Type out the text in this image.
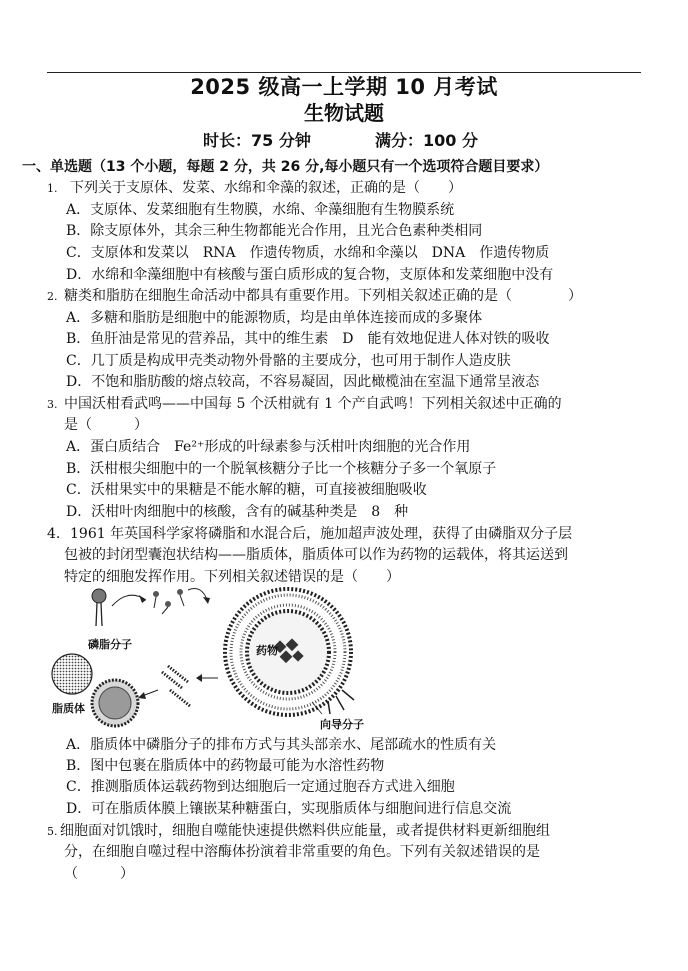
2025 级高一上学期 10 月考试
生物试题
时长：75 分钟	满分：100 分
一、单选题（13 个小题，每题 2 分，共 26 分,每小题只有一个选项符合题目要求）
1. 下列关于支原体、发菜、水绵和伞藻的叙述，正确的是（　　）
A．支原体、发菜细胞有生物膜，水绵、伞藻细胞有生物膜系统
B．除支原体外，其余三种生物都能光合作用，且光合色素种类相同
C．支原体和发菜以　RNA　作遗传物质，水绵和伞藻以　DNA　作遗传物质
D．水绵和伞藻细胞中有核酸与蛋白质形成的复合物，支原体和发菜细胞中没有
2. 糖类和脂肪在细胞生命活动中都具有重要作用。下列相关叙述正确的是（　　　　）
A．多糖和脂肪是细胞中的能源物质，均是由单体连接而成的多聚体
B．鱼肝油是常见的营养品，其中的维生素　D　能有效地促进人体对铁的吸收
C．几丁质是构成甲壳类动物外骨骼的主要成分，也可用于制作人造皮肤
D．不饱和脂肪酸的熔点较高，不容易凝固，因此橄榄油在室温下通常呈液态
3. 中国沃柑看武鸣——中国每 5 个沃柑就有 1 个产自武鸣！下列相关叙述中正确的
是（　　　）
A．蛋白质结合　Fe²⁺形成的叶绿素参与沃柑叶肉细胞的光合作用
B．沃柑根尖细胞中的一个脱氧核糖分子比一个核糖分子多一个氧原子
C．沃柑果实中的果糖是不能水解的糖，可直接被细胞吸收
D．沃柑叶肉细胞中的核酸，含有的碱基种类是　8　种
4. 1961 年英国科学家将磷脂和水混合后，施加超声波处理，获得了由磷脂双分子层
包被的封闭型囊泡状结构——脂质体，脂质体可以作为药物的运载体，将其运送到
特定的细胞发挥作用。下列相关叙述错误的是（　　）
磷脂分子	药物
脂质体
向导分子
A．脂质体中磷脂分子的排布方式与其头部亲水、尾部疏水的性质有关
B．图中包裹在脂质体中的药物最可能为水溶性药物
C．推测脂质体运载药物到达细胞后一定通过胞吞方式进入细胞
D．可在脂质体膜上镶嵌某种糖蛋白，实现脂质体与细胞间进行信息交流
5. 细胞面对饥饿时，细胞自噬能快速提供燃料供应能量，或者提供材料更新细胞组
分，在细胞自噬过程中溶酶体扮演着非常重要的角色。下列有关叙述错误的是
（　　　）
